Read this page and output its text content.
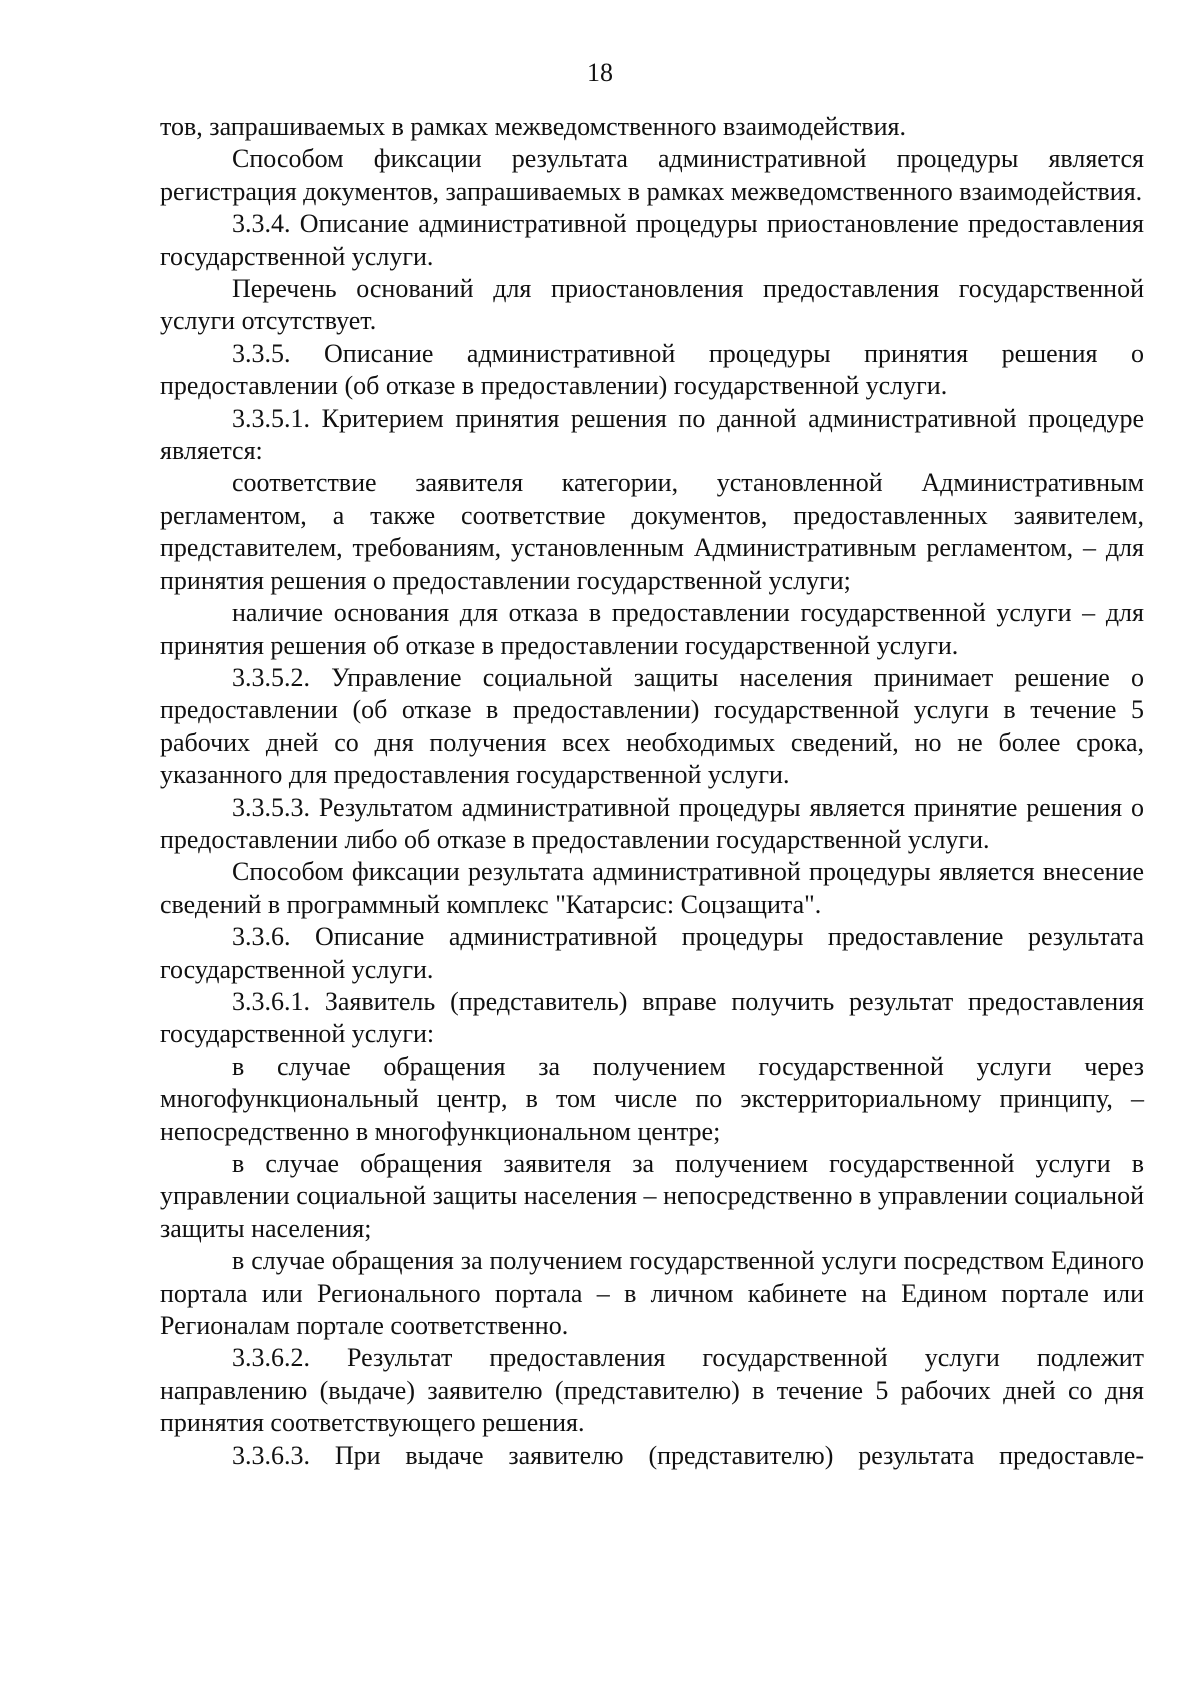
18

тов, запрашиваемых в рамках межведомственного взаимодействия.

Способом фиксации результата административной процедуры является регистрация документов, запрашиваемых в рамках межведомственного взаимодействия.

3.3.4. Описание административной процедуры приостановление предоставления государственной услуги.

Перечень оснований для приостановления предоставления государственной услуги отсутствует.

3.3.5. Описание административной процедуры принятия решения о предоставлении (об отказе в предоставлении) государственной услуги.

3.3.5.1. Критерием принятия решения по данной административной процедуре является:

соответствие заявителя категории, установленной Административным регламентом, а также соответствие документов, предоставленных заявителем, представителем, требованиям, установленным Административным регламентом, – для принятия решения о предоставлении государственной услуги;

наличие основания для отказа в предоставлении государственной услуги – для принятия решения об отказе в предоставлении государственной услуги.

3.3.5.2. Управление социальной защиты населения принимает решение о предоставлении (об отказе в предоставлении) государственной услуги в течение 5 рабочих дней со дня получения всех необходимых сведений, но не более срока, указанного для предоставления государственной услуги.

3.3.5.3. Результатом административной процедуры является принятие решения о предоставлении либо об отказе в предоставлении государственной услуги.

Способом фиксации результата административной процедуры является внесение сведений в программный комплекс "Катарсис: Соцзащита".

3.3.6. Описание административной процедуры предоставление результата государственной услуги.

3.3.6.1. Заявитель (представитель) вправе получить результат предоставления государственной услуги:

в случае обращения за получением государственной услуги через многофункциональный центр, в том числе по экстерриториальному принципу, – непосредственно в многофункциональном центре;

в случае обращения заявителя за получением государственной услуги в управлении социальной защиты населения – непосредственно в управлении социальной защиты населения;

в случае обращения за получением государственной услуги посредством Единого портала или Регионального портала – в личном кабинете на Едином портале или Регионалам портале соответственно.

3.3.6.2. Результат предоставления государственной услуги подлежит направлению (выдаче) заявителю (представителю) в течение 5 рабочих дней со дня принятия соответствующего решения.

3.3.6.3. При выдаче заявителю (представителю) результата предоставле-
